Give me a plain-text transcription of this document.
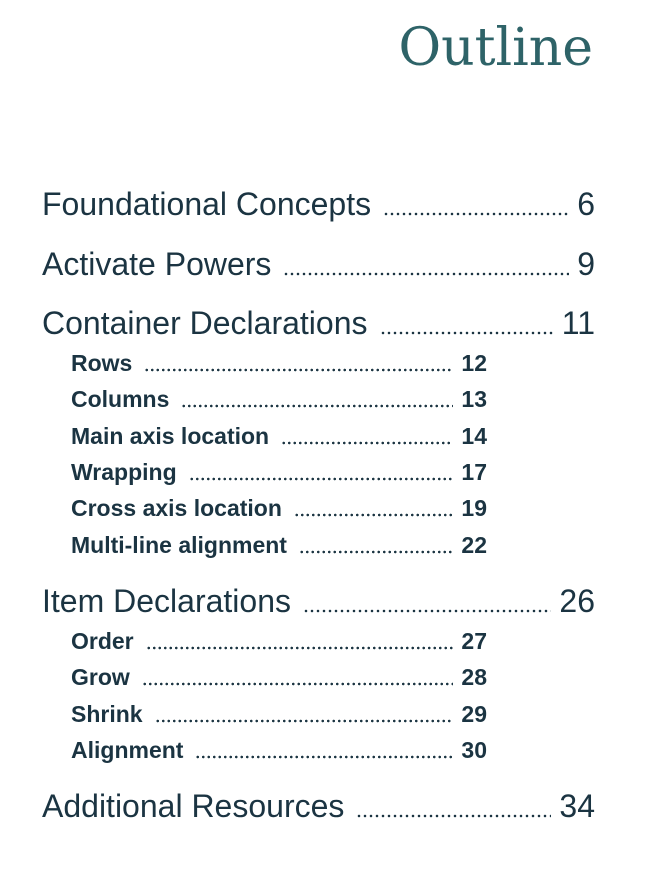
Outline
Foundational Concepts	6
Activate Powers	9
Container Declarations	11
Rows	12
Columns	13
Main axis location	14
Wrapping	17
Cross axis location	19
Multi-line alignment	22
Item Declarations	26
Order	27
Grow	28
Shrink	29
Alignment	30
Additional Resources	34
